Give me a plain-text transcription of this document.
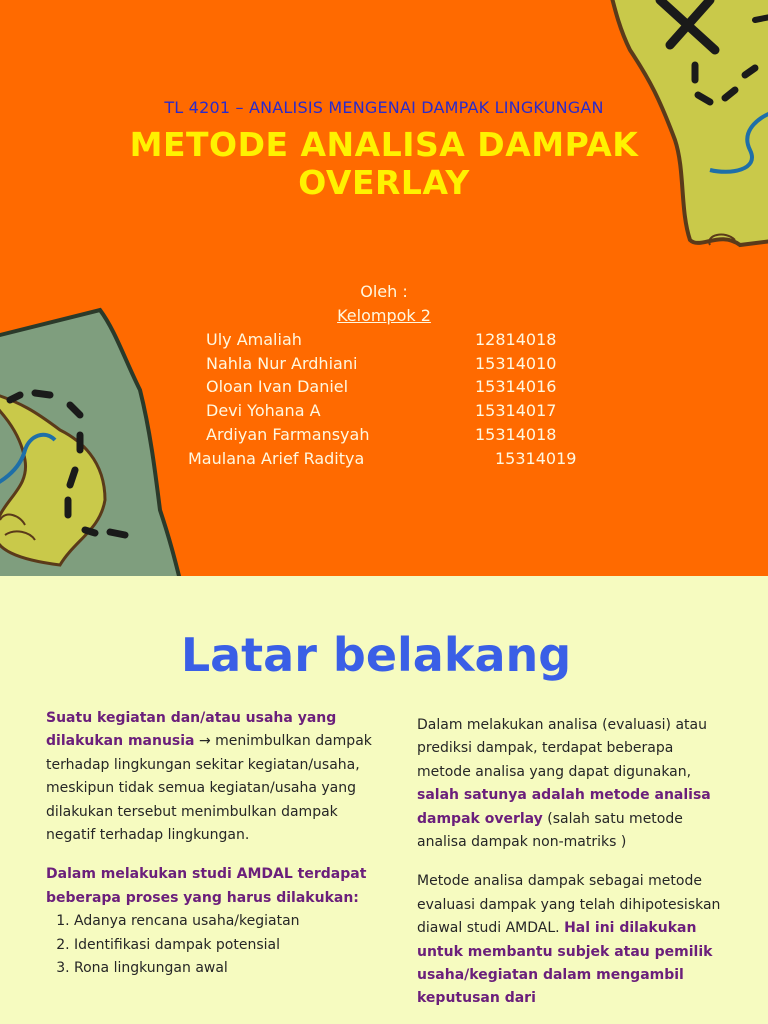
TL 4201 – ANALISIS MENGENAI DAMPAK LINGKUNGAN
METODE ANALISA DAMPAK
OVERLAY
Oleh :
Kelompok 2
Uly Amaliah	12814018
Nahla Nur Ardhiani	15314010
Oloan Ivan Daniel	15314016
Devi Yohana A	15314017
Ardiyan Farmansyah	15314018
Maulana Arief Raditya	15314019
Latar belakang

Suatu kegiatan dan/atau usaha yang dilakukan manusia → menimbulkan dampak terhadap lingkungan sekitar kegiatan/usaha, meskipun tidak semua kegiatan/usaha yang dilakukan tersebut menimbulkan dampak negatif terhadap lingkungan.

Dalam melakukan studi AMDAL terdapat beberapa proses yang harus dilakukan:

1. Adanya rencana usaha/kegiatan
2. Identifikasi dampak potensial
3. Rona lingkungan awal

Dalam melakukan analisa (evaluasi) atau prediksi dampak, terdapat beberapa metode analisa yang dapat digunakan, salah satunya adalah metode analisa dampak overlay (salah satu metode analisa dampak non-matriks )

Metode analisa dampak sebagai metode evaluasi dampak yang telah dihipotesiskan diawal studi AMDAL. Hal ini dilakukan untuk membantu subjek atau pemilik usaha/kegiatan dalam mengambil keputusan dari
